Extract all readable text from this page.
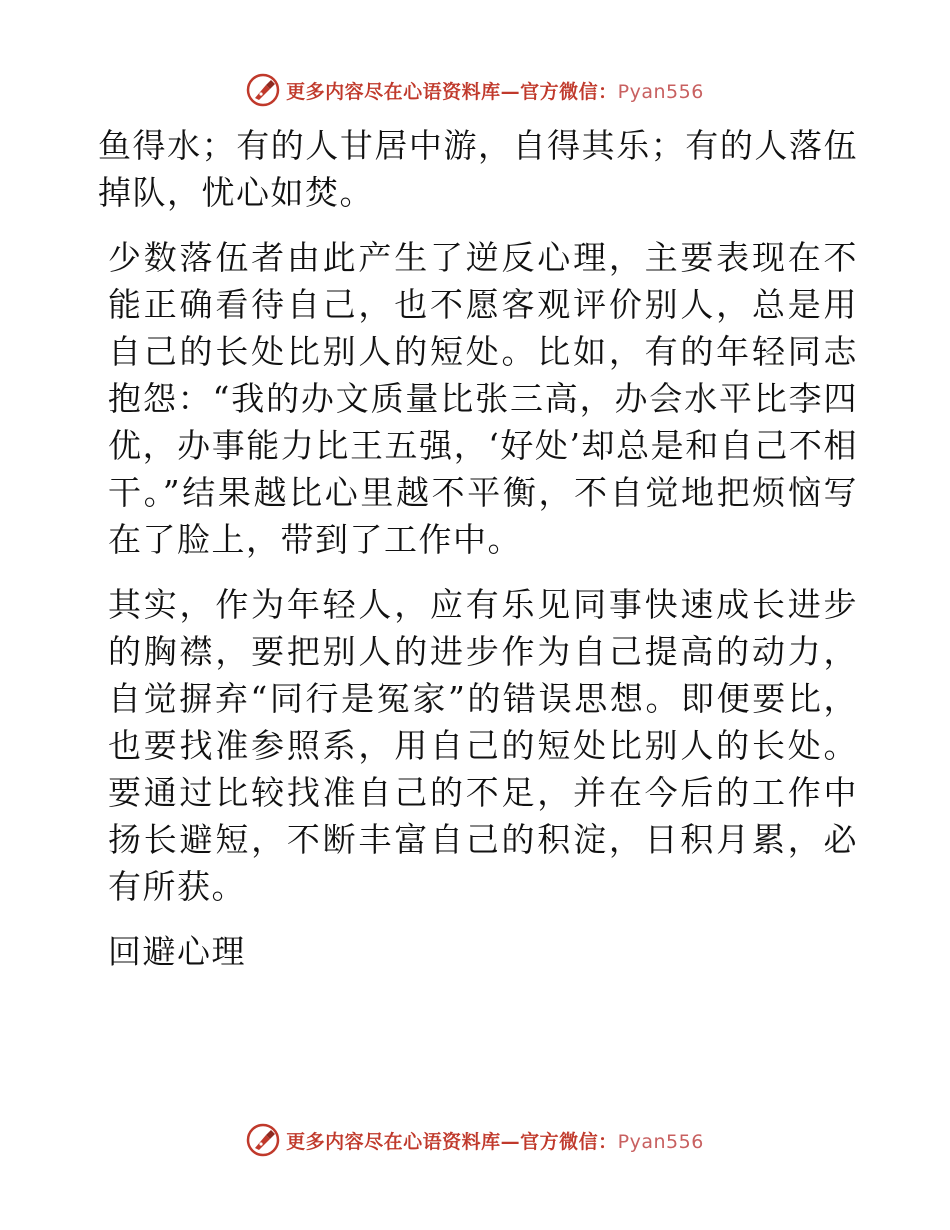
更多内容尽在心语资料库—官方微信：Pyan556

鱼得水；有的人甘居中游，自得其乐；有的人落伍掉队，忧心如焚。

少数落伍者由此产生了逆反心理，主要表现在不能正确看待自己，也不愿客观评价别人，总是用自己的长处比别人的短处。比如，有的年轻同志抱怨：“我的办文质量比张三高，办会水平比李四优，办事能力比王五强，‘好处’却总是和自己不相干。”结果越比心里越不平衡，不自觉地把烦恼写在了脸上，带到了工作中。

其实，作为年轻人，应有乐见同事快速成长进步的胸襟，要把别人的进步作为自己提高的动力，自觉摒弃“同行是冤家”的错误思想。即便要比，也要找准参照系，用自己的短处比别人的长处。要通过比较找准自己的不足，并在今后的工作中扬长避短，不断丰富自己的积淀，日积月累，必有所获。

回避心理

更多内容尽在心语资料库—官方微信：Pyan556
